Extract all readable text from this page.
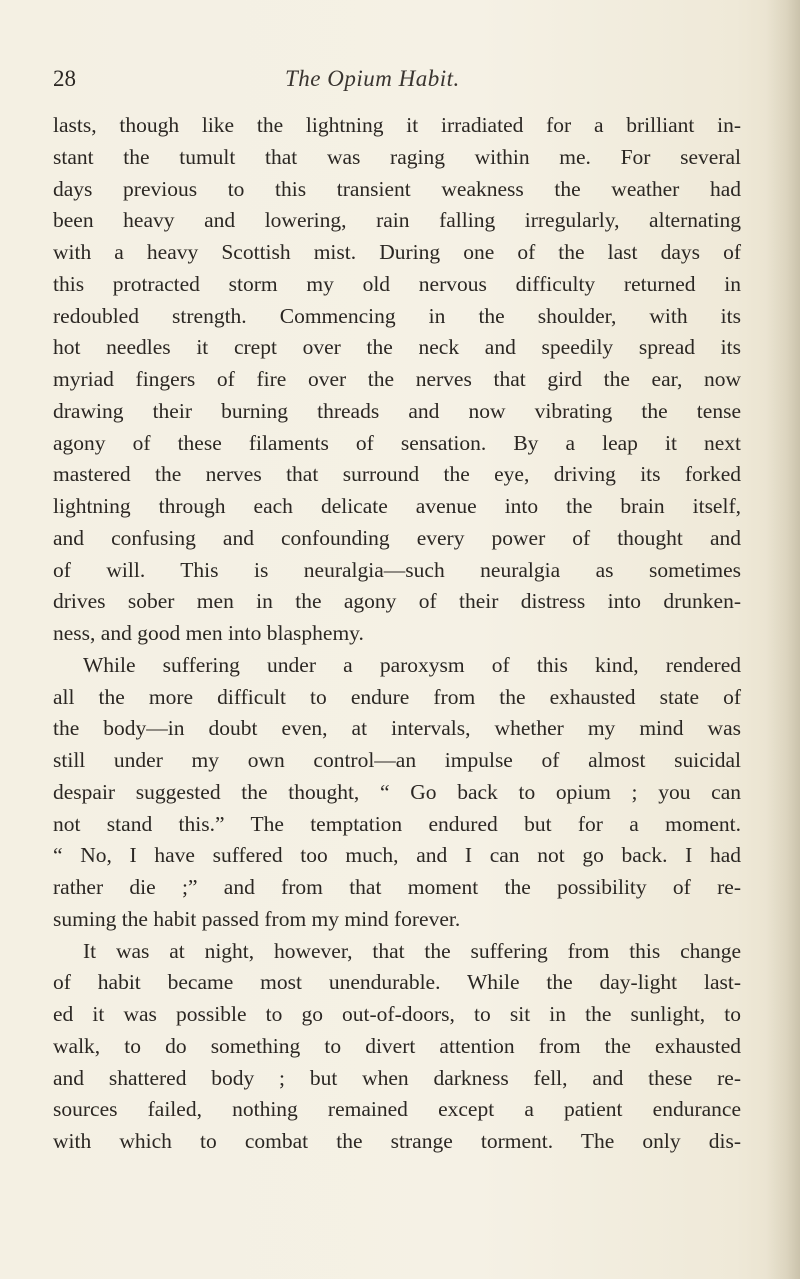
28	The Opium Habit.
lasts, though like the lightning it irradiated for a brilliant in-
stant the tumult that was raging within me. For several
days previous to this transient weakness the weather had
been heavy and lowering, rain falling irregularly, alternating
with a heavy Scottish mist. During one of the last days of
this protracted storm my old nervous difficulty returned in
redoubled strength. Commencing in the shoulder, with its
hot needles it crept over the neck and speedily spread its
myriad fingers of fire over the nerves that gird the ear, now
drawing their burning threads and now vibrating the tense
agony of these filaments of sensation. By a leap it next
mastered the nerves that surround the eye, driving its forked
lightning through each delicate avenue into the brain itself,
and confusing and confounding every power of thought and
of will. This is neuralgia—such neuralgia as sometimes
drives sober men in the agony of their distress into drunken-
ness, and good men into blasphemy.
While suffering under a paroxysm of this kind, rendered
all the more difficult to endure from the exhausted state of
the body—in doubt even, at intervals, whether my mind was
still under my own control—an impulse of almost suicidal
despair suggested the thought, “ Go back to opium ; you can
not stand this.” The temptation endured but for a moment.
“ No, I have suffered too much, and I can not go back. I had
rather die ;” and from that moment the possibility of re-
suming the habit passed from my mind forever.
It was at night, however, that the suffering from this change
of habit became most unendurable. While the day-light last-
ed it was possible to go out-of-doors, to sit in the sunlight, to
walk, to do something to divert attention from the exhausted
and shattered body ; but when darkness fell, and these re-
sources failed, nothing remained except a patient endurance
with which to combat the strange torment. The only dis-
